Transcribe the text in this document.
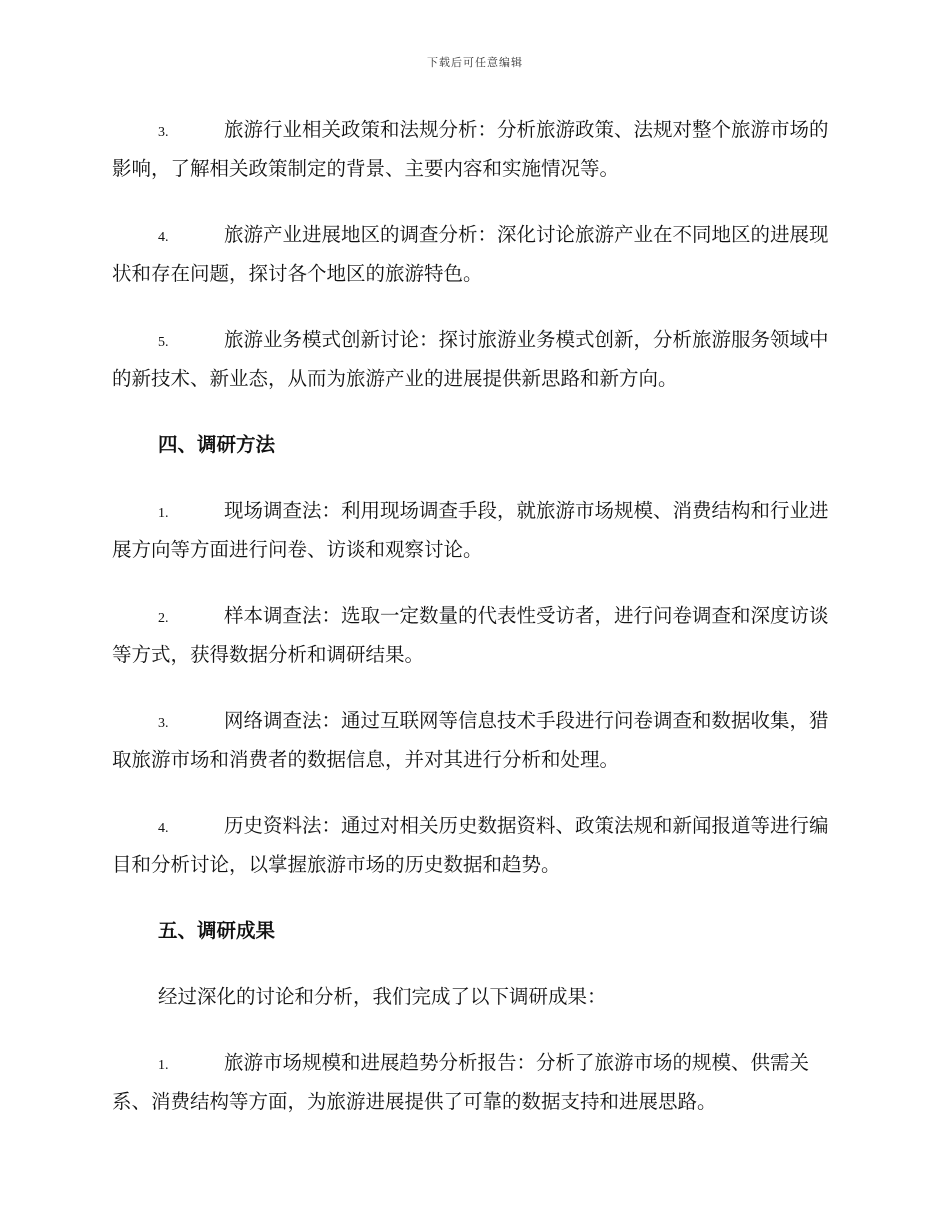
下载后可任意编辑

3.	旅游行业相关政策和法规分析：分析旅游政策、法规对整个旅游市场的影响，了解相关政策制定的背景、主要内容和实施情况等。

4.	旅游产业进展地区的调查分析：深化讨论旅游产业在不同地区的进展现状和存在问题，探讨各个地区的旅游特色。

5.	旅游业务模式创新讨论：探讨旅游业务模式创新，分析旅游服务领域中的新技术、新业态，从而为旅游产业的进展提供新思路和新方向。

四、调研方法

1.	现场调查法：利用现场调查手段，就旅游市场规模、消费结构和行业进展方向等方面进行问卷、访谈和观察讨论。

2.	样本调查法：选取一定数量的代表性受访者，进行问卷调查和深度访谈等方式，获得数据分析和调研结果。

3.	网络调查法：通过互联网等信息技术手段进行问卷调查和数据收集，猎取旅游市场和消费者的数据信息，并对其进行分析和处理。

4.	历史资料法：通过对相关历史数据资料、政策法规和新闻报道等进行编目和分析讨论，以掌握旅游市场的历史数据和趋势。

五、调研成果

经过深化的讨论和分析，我们完成了以下调研成果：

1.	旅游市场规模和进展趋势分析报告：分析了旅游市场的规模、供需关系、消费结构等方面，为旅游进展提供了可靠的数据支持和进展思路。
